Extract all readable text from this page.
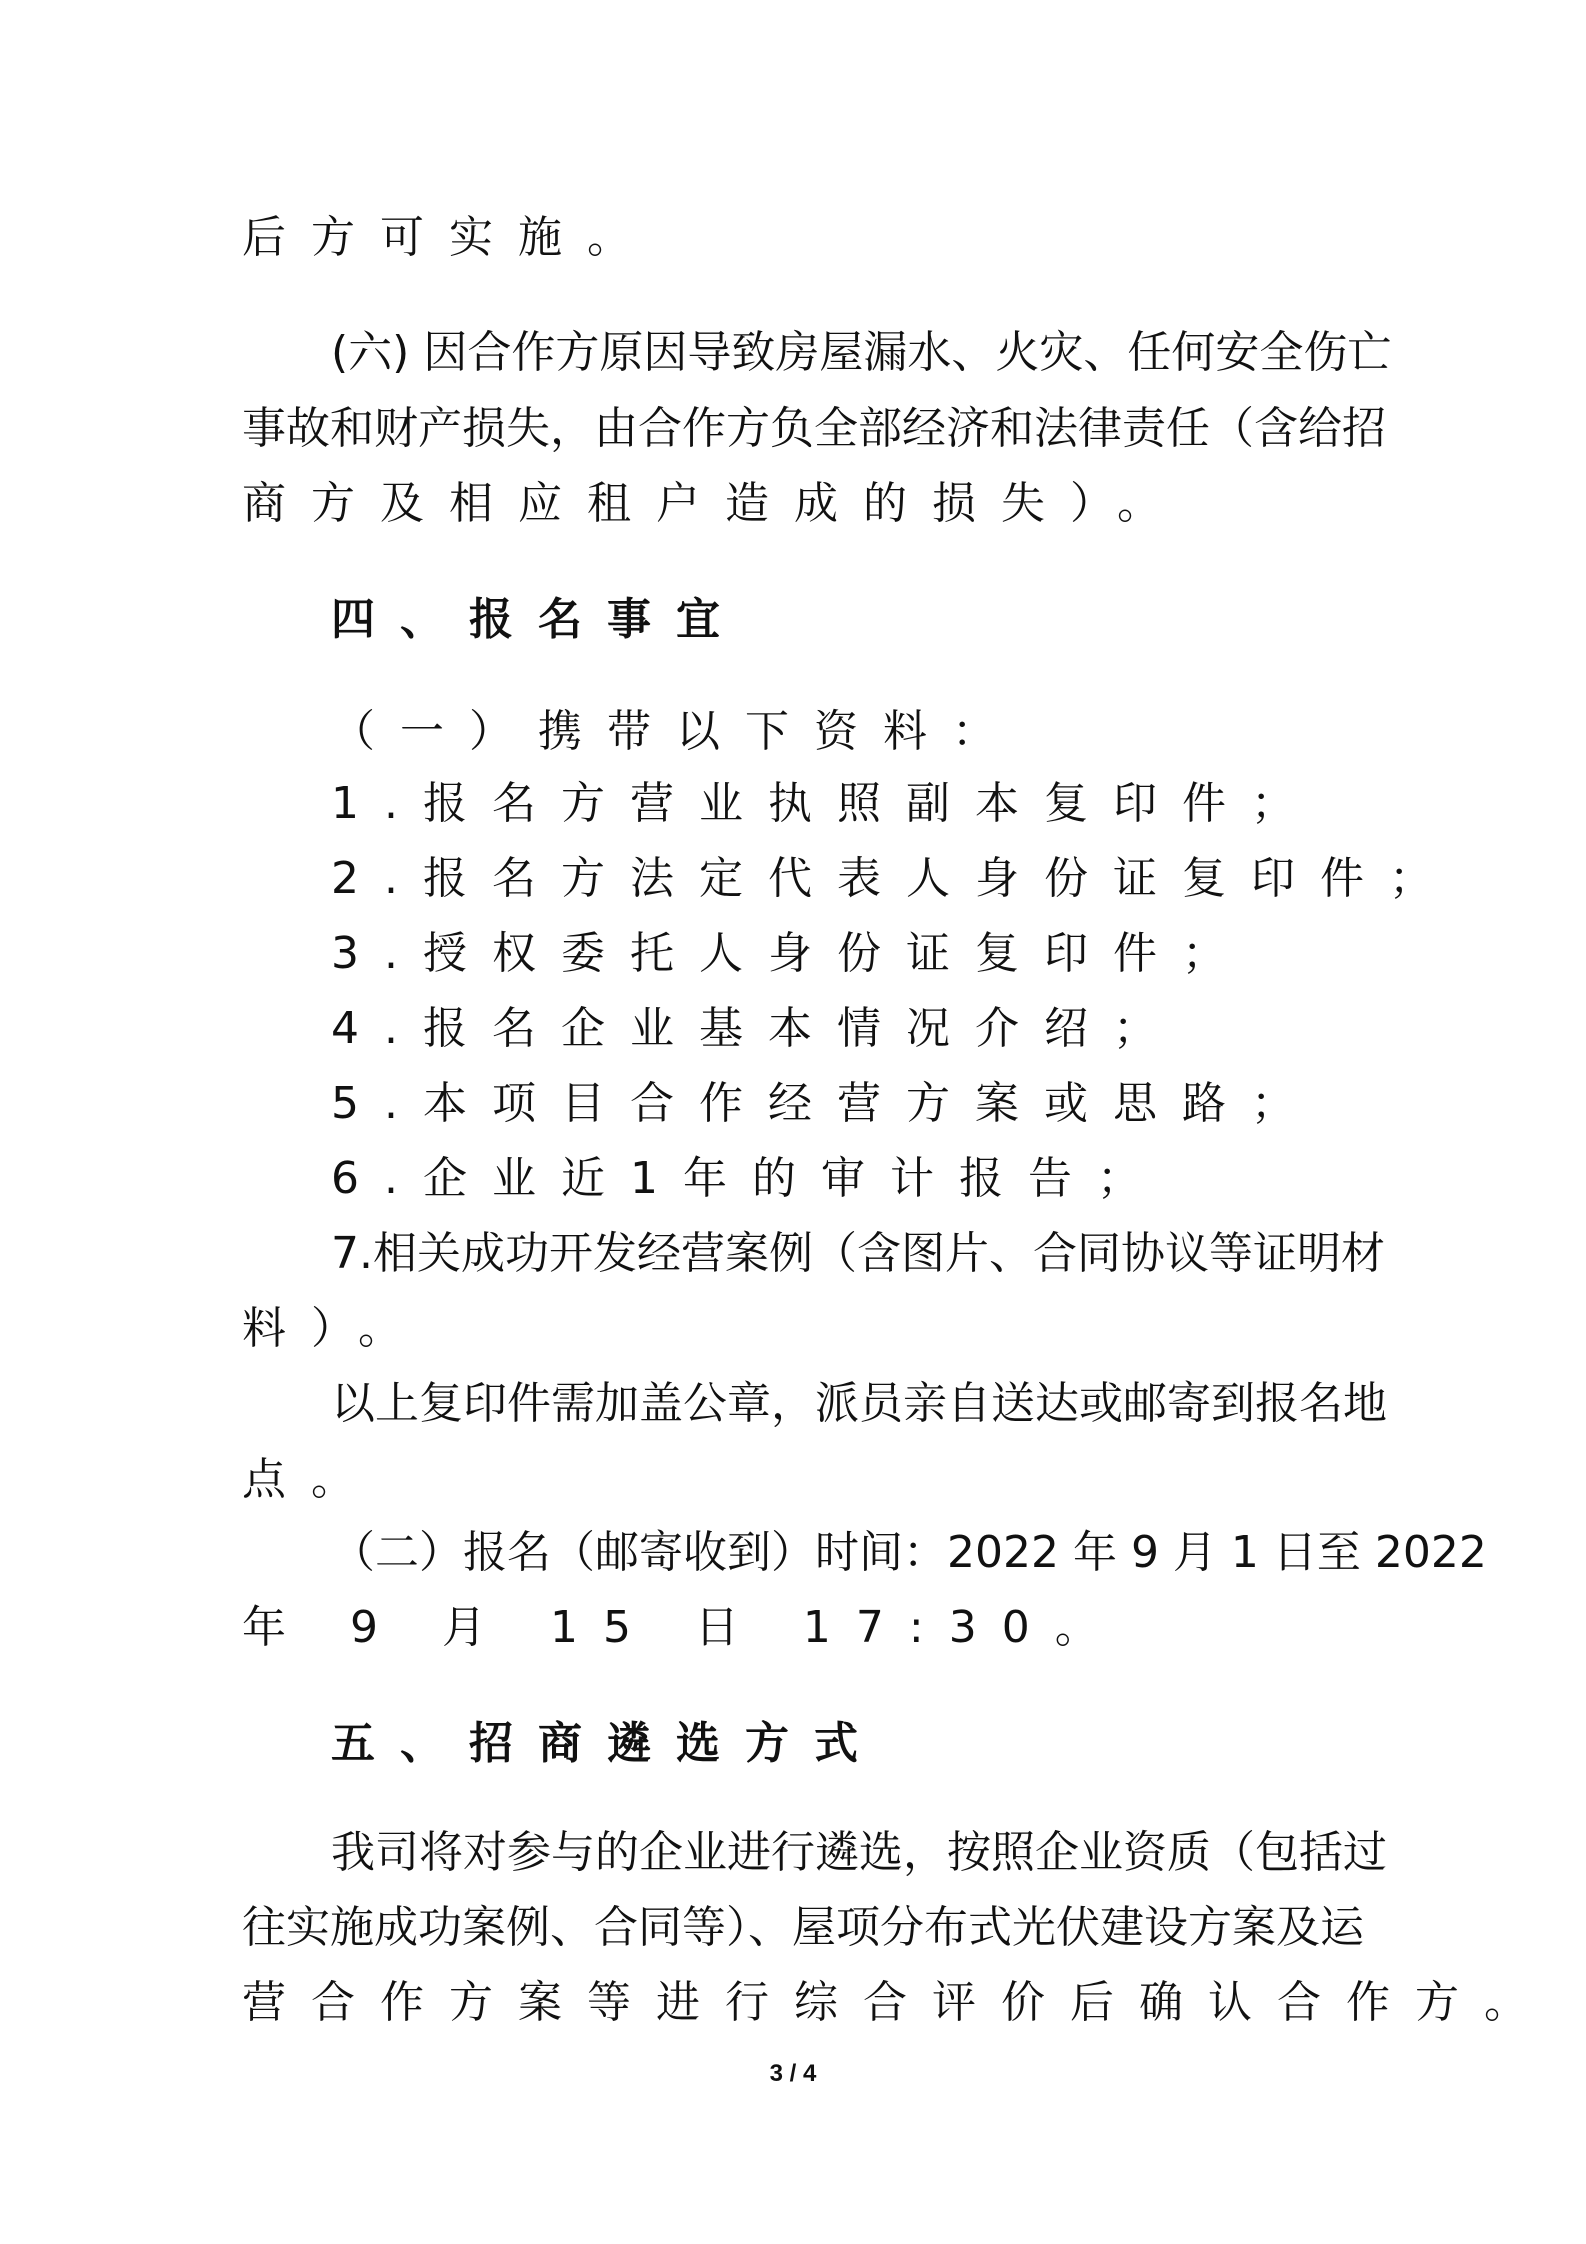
后方可实施。
(六) 因合作方原因导致房屋漏水、火灾、任何安全伤亡
事故和财产损失，由合作方负全部经济和法律责任（含给招
商方及相应租户造成的损失）。
四、报名事宜
（一）携带以下资料：
1.报名方营业执照副本复印件；
2.报名方法定代表人身份证复印件；
3.授权委托人身份证复印件；
4.报名企业基本情况介绍；
5.本项目合作经营方案或思路；
6.企业近1年的审计报告；
7.相关成功开发经营案例（含图片、合同协议等证明材
料）。
以上复印件需加盖公章，派员亲自送达或邮寄到报名地
点。
（二）报名（邮寄收到）时间：2022 年 9 月 1 日至 2022
年 9 月 15 日 17:30。
五、招商遴选方式
我司将对参与的企业进行遴选，按照企业资质（包括过
往实施成功案例、合同等）、屋项分布式光伏建设方案及运
营合作方案等进行综合评价后确认合作方。
3 / 4
